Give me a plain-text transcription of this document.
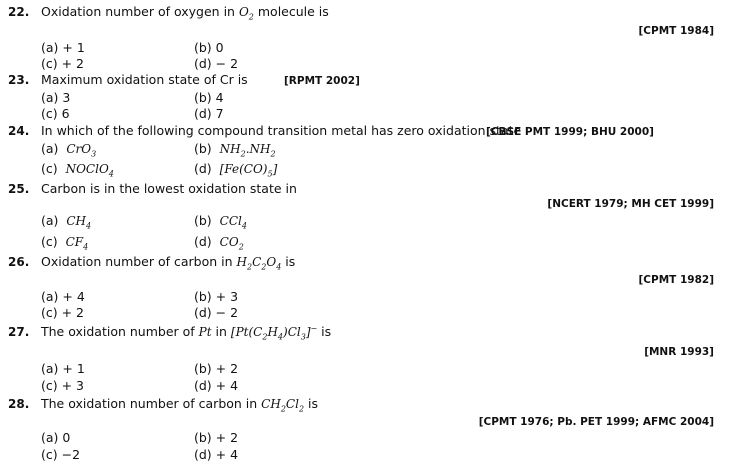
22. Oxidation number of oxygen in $O_2$ molecule is
[CPMT 1984]
(a) + 1	(b) 0
(c) + 2	(d) − 2
23. Maximum oxidation state of Cr is	[RPMT 2002]
(a) 3	(b) 4
(c) 6	(d) 7
24. In which of the following compound transition metal has zero oxidation state
[CBSE PMT 1999; BHU 2000]
(a) CrO$_3$	(b) $NH_2.NH_2$
(c) NOClO$_4$	(d) $[Fe(CO)_5]$
25. Carbon is in the lowest oxidation state in
[NCERT 1979; MH CET 1999]
(a) $CH_4$	(b) CCl$_4$
(c) $CF_4$	(d) $CO_2$
26. Oxidation number of carbon in $H_2C_2O_4$ is
[CPMT 1982]
(a) + 4	(b) + 3
(c) + 2	(d) − 2
27. The oxidation number of Pt in $[Pt(C_2H_4)Cl_3]^-$ is
[MNR 1993]
(a) + 1	(b) + 2
(c) + 3	(d) + 4
28. The oxidation number of carbon in $CH_2Cl_2$ is
[CPMT 1976; Pb. PET 1999; AFMC 2004]
(a) 0	(b) + 2
(c) −2	(d) + 4
